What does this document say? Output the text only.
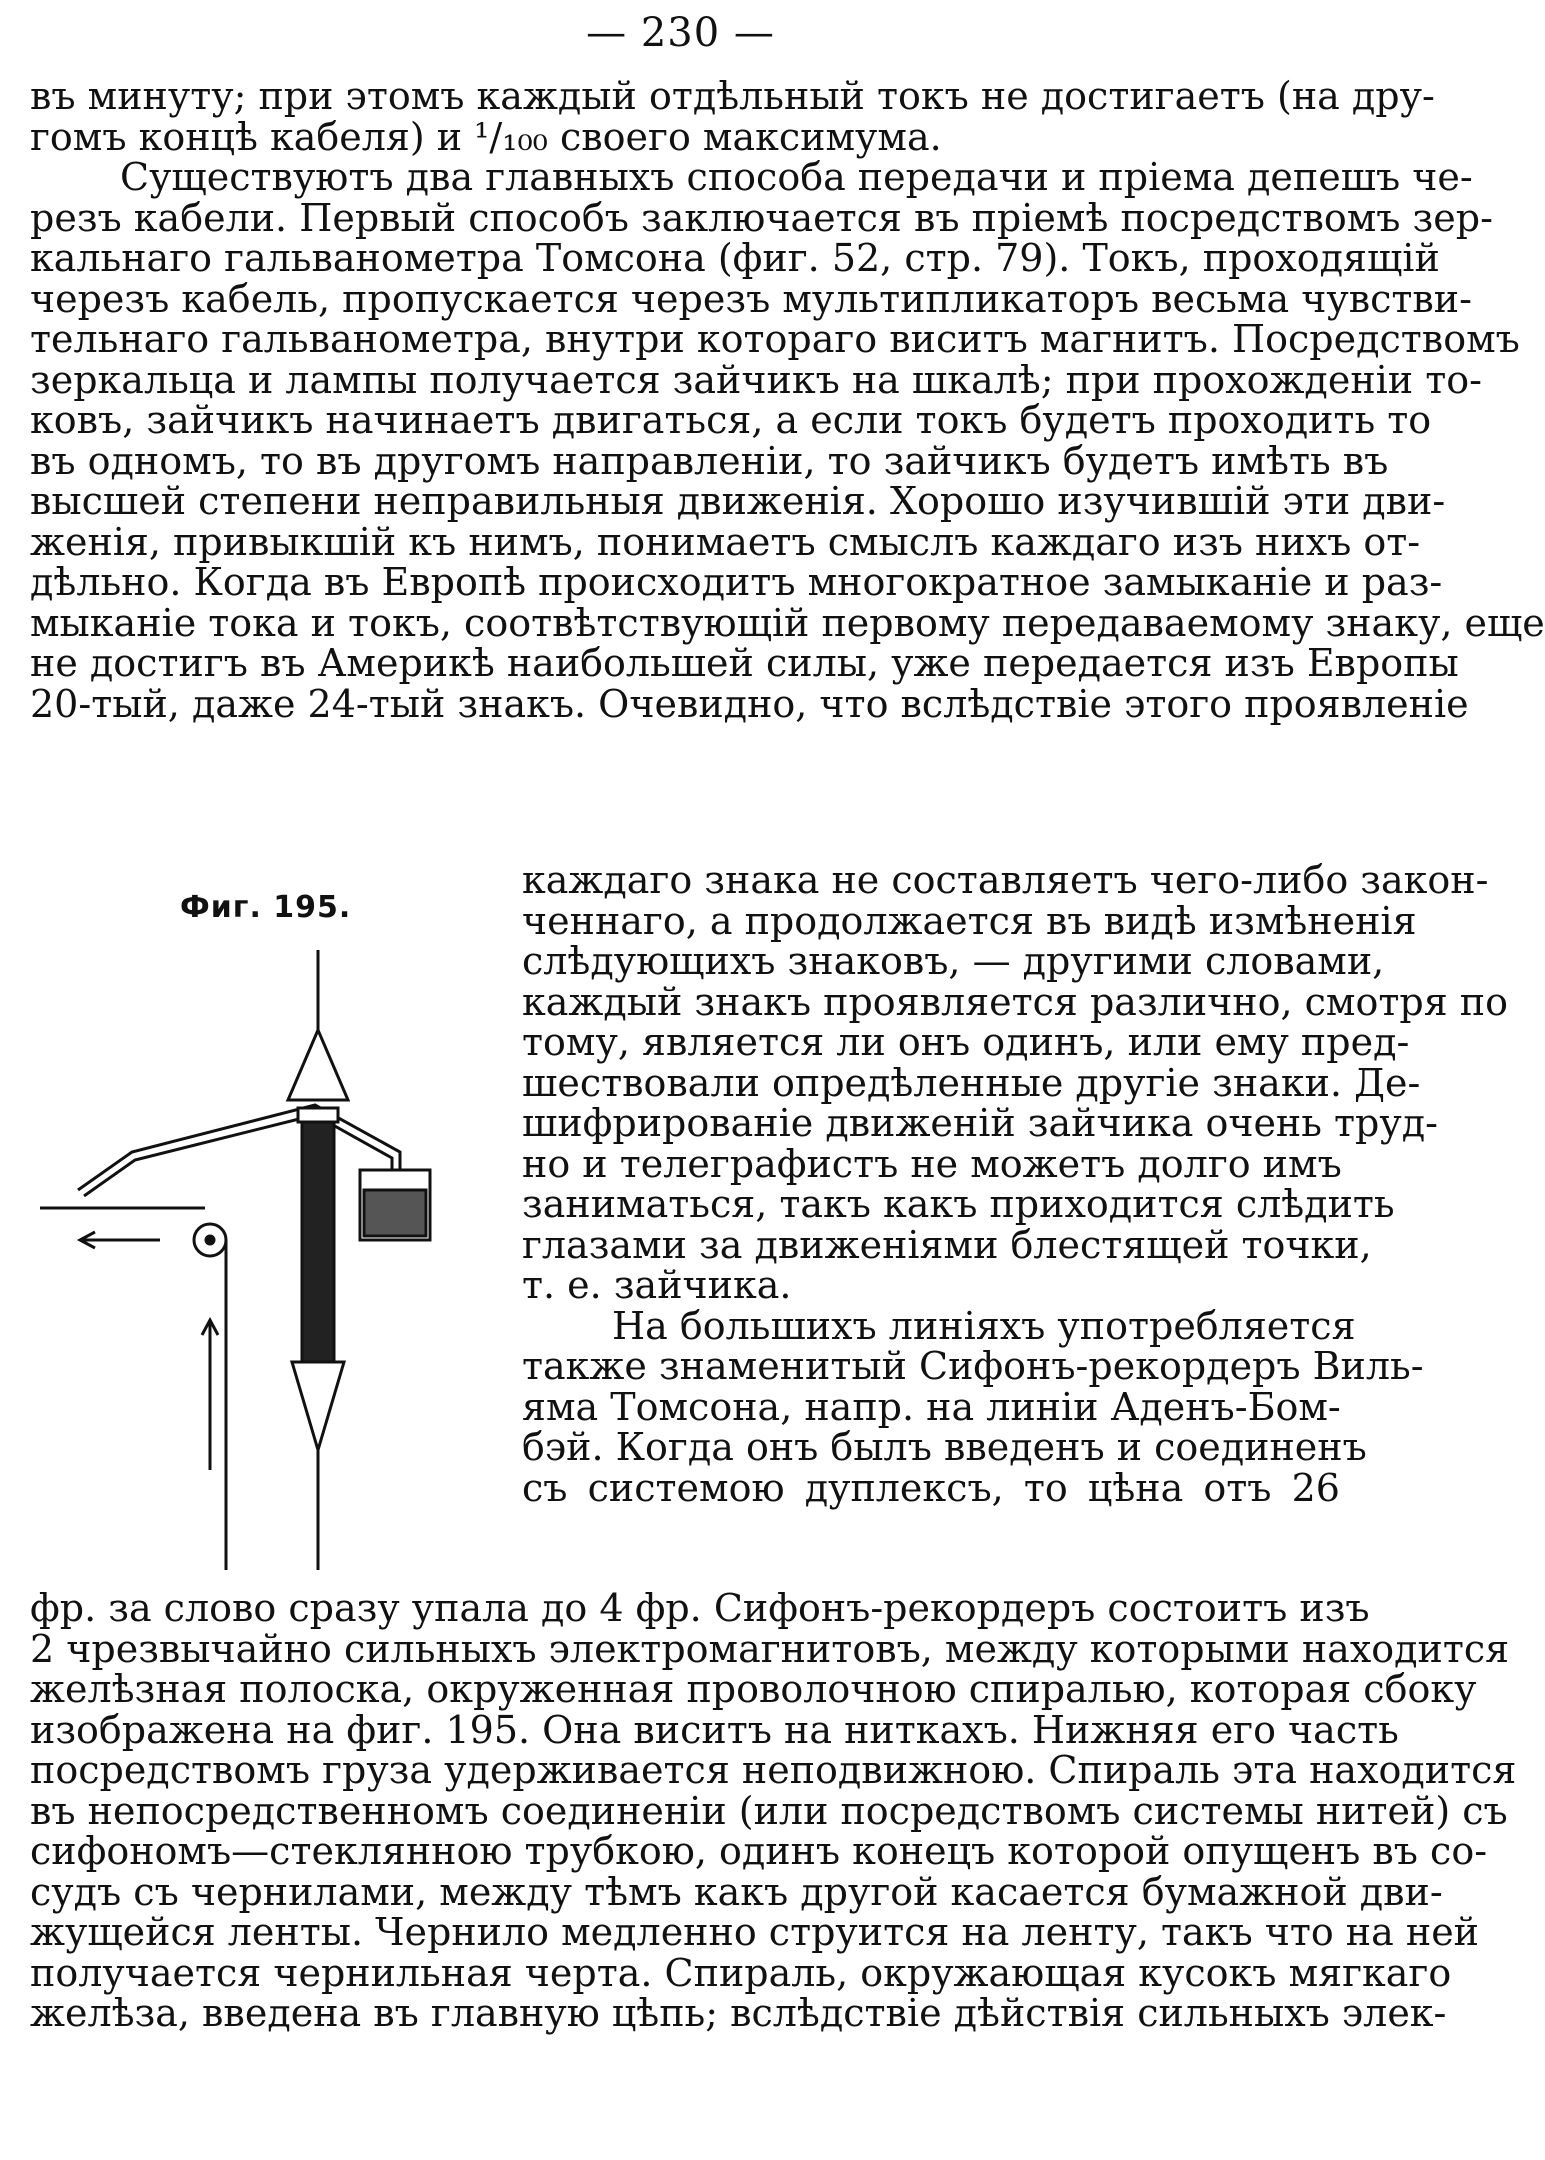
— 230 —
въ минуту; при этомъ каждый отдѣльный токъ не достигаетъ (на дру-
гомъ концѣ кабеля) и ¹/₁₀₀ своего максимума.
Существуютъ два главныхъ способа передачи и пріема депешъ че-
резъ кабели. Первый способъ заключается въ пріемѣ посредствомъ зер-
кальнаго гальванометра Томсона (фиг. 52, стр. 79). Токъ, проходящій
черезъ кабель, пропускается черезъ мультипликаторъ весьма чувстви-
тельнаго гальванометра, внутри котораго виситъ магнитъ. Посредствомъ
зеркальца и лампы получается зайчикъ на шкалѣ; при прохожденіи то-
ковъ, зайчикъ начинаетъ двигаться, а если токъ будетъ проходить то
въ одномъ, то въ другомъ направленіи, то зайчикъ будетъ имѣть въ
высшей степени неправильныя движенія. Хорошо изучившій эти дви-
женія, привыкшій къ нимъ, понимаетъ смыслъ каждаго изъ нихъ от-
дѣльно. Когда въ Европѣ происходитъ многократное замыканіе и раз-
мыканіе тока и токъ, соотвѣтствующій первому передаваемому знаку, еще
не достигъ въ Америкѣ наибольшей силы, уже передается изъ Европы
20-тый, даже 24-тый знакъ. Очевидно, что вслѣдствіе этого проявленіе
Фиг. 195.
каждаго знака не составляетъ чего-либо закон-
ченнаго, а продолжается въ видѣ измѣненія
слѣдующихъ знаковъ, — другими словами,
каждый знакъ проявляется различно, смотря по
тому, является ли онъ одинъ, или ему пред-
шествовали опредѣленные другіе знаки. Де-
шифрированіе движеній зайчика очень труд-
но и телеграфистъ не можетъ долго имъ
заниматься, такъ какъ приходится слѣдить
глазами за движеніями блестящей точки,
т. е. зайчика.
На большихъ линіяхъ употребляется
также знаменитый Сифонъ-рекордеръ Виль-
яма Томсона, напр. на линіи Аденъ-Бом-
бэй. Когда онъ былъ введенъ и соединенъ
съ системою дуплексъ, то цѣна отъ 26
фр. за слово сразу упала до 4 фр. Сифонъ-рекордеръ состоитъ изъ
2 чрезвычайно сильныхъ электромагнитовъ, между которыми находится
желѣзная полоска, окруженная проволочною спиралью, которая сбоку
изображена на фиг. 195. Она виситъ на ниткахъ. Нижняя его часть
посредствомъ груза удерживается неподвижною. Спираль эта находится
въ непосредственномъ соединеніи (или посредствомъ системы нитей) съ
сифономъ—стеклянною трубкою, одинъ конецъ которой опущенъ въ со-
судъ съ чернилами, между тѣмъ какъ другой касается бумажной дви-
жущейся ленты. Чернило медленно струится на ленту, такъ что на ней
получается чернильная черта. Спираль, окружающая кусокъ мягкаго
желѣза, введена въ главную цѣпь; вслѣдствіе дѣйствія сильныхъ элек-
